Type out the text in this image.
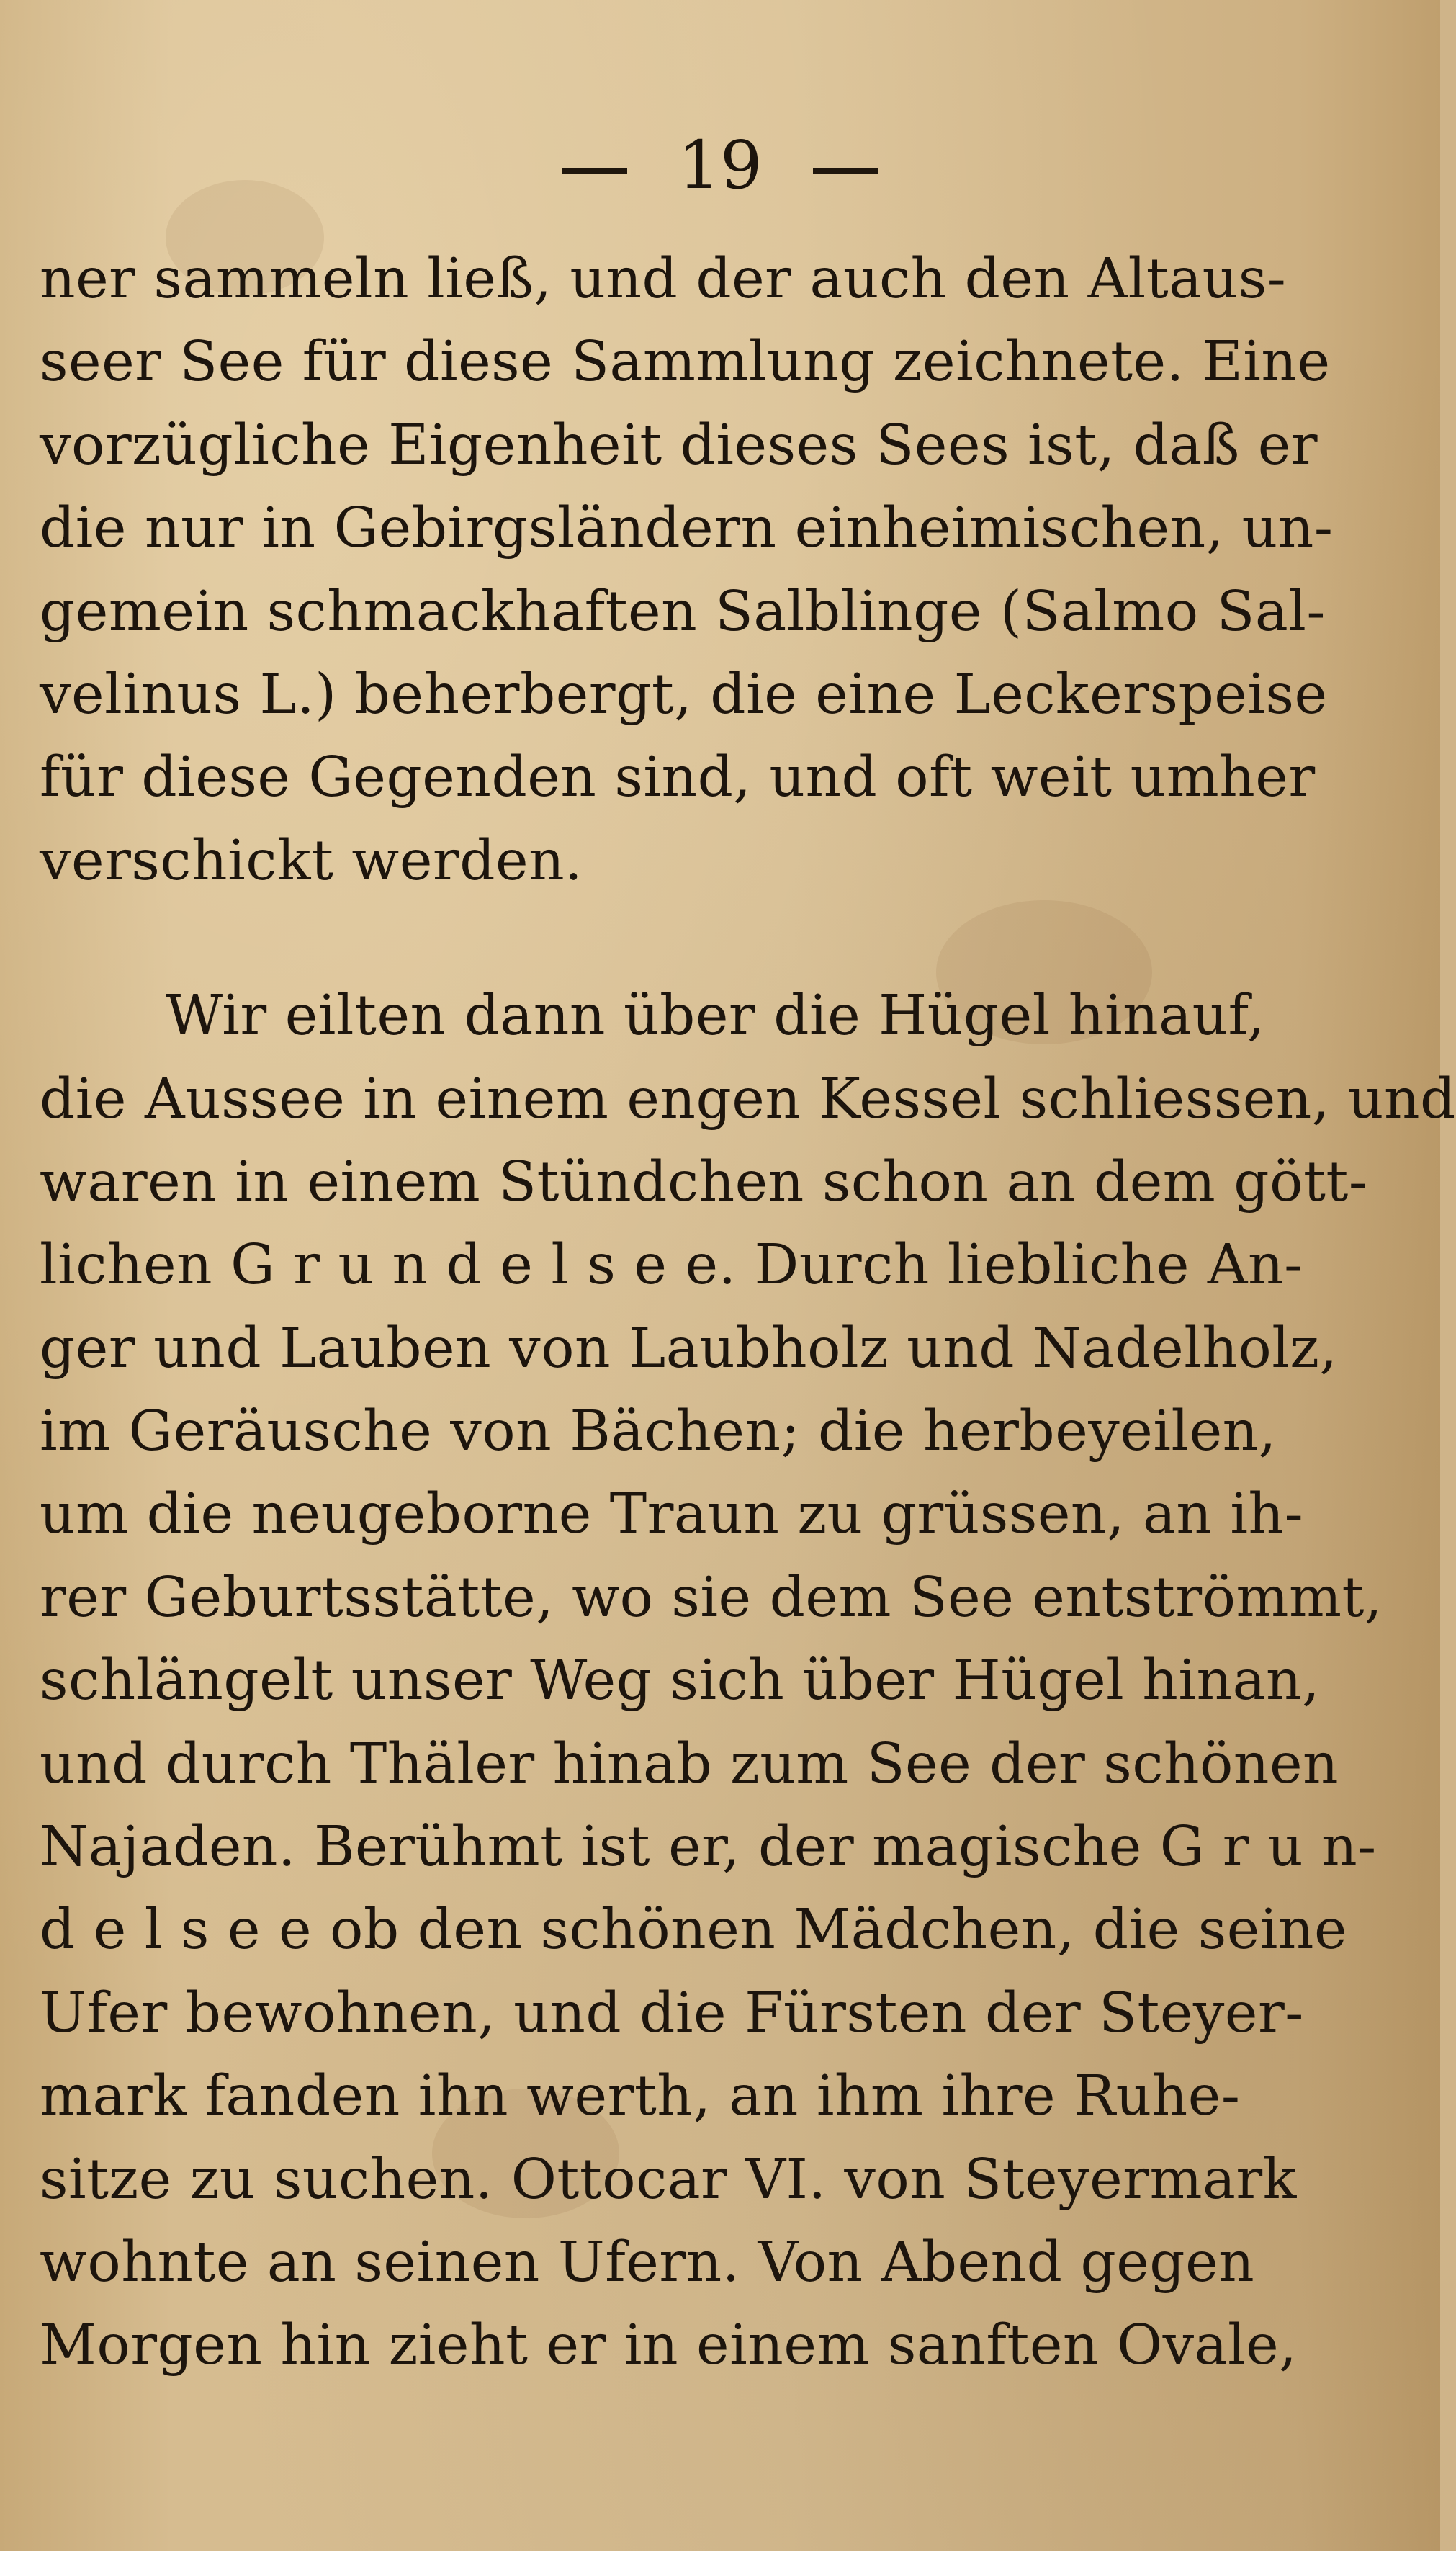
19
ner sammeln ließ, und der auch den Altaus-
seer See für diese Sammlung zeichnete. Eine
vorzügliche Eigenheit dieses Sees ist, daß er
die nur in Gebirgsländern einheimischen, un-
gemein schmackhaften Salblinge (Salmo Sal-
velinus L.) beherbergt, die eine Leckerspeise
für diese Gegenden sind, und oft weit umher
verschickt werden.
Wir eilten dann über die Hügel hinauf,
die Aussee in einem engen Kessel schliessen, und
waren in einem Stündchen schon an dem gött-
lichen G r u n d e l s e e. Durch liebliche An-
ger und Lauben von Laubholz und Nadelholz,
im Geräusche von Bächen; die herbeyeilen,
um die neugeborne Traun zu grüssen, an ih-
rer Geburtsstätte, wo sie dem See entströmmt,
schlängelt unser Weg sich über Hügel hinan,
und durch Thäler hinab zum See der schönen
Najaden. Berühmt ist er, der magische G r u n-
d e l s e e ob den schönen Mädchen, die seine
Ufer bewohnen, und die Fürsten der Steyer-
mark fanden ihn werth, an ihm ihre Ruhe-
sitze zu suchen. Ottocar VI. von Steyermark
wohnte an seinen Ufern. Von Abend gegen
Morgen hin zieht er in einem sanften Ovale,
